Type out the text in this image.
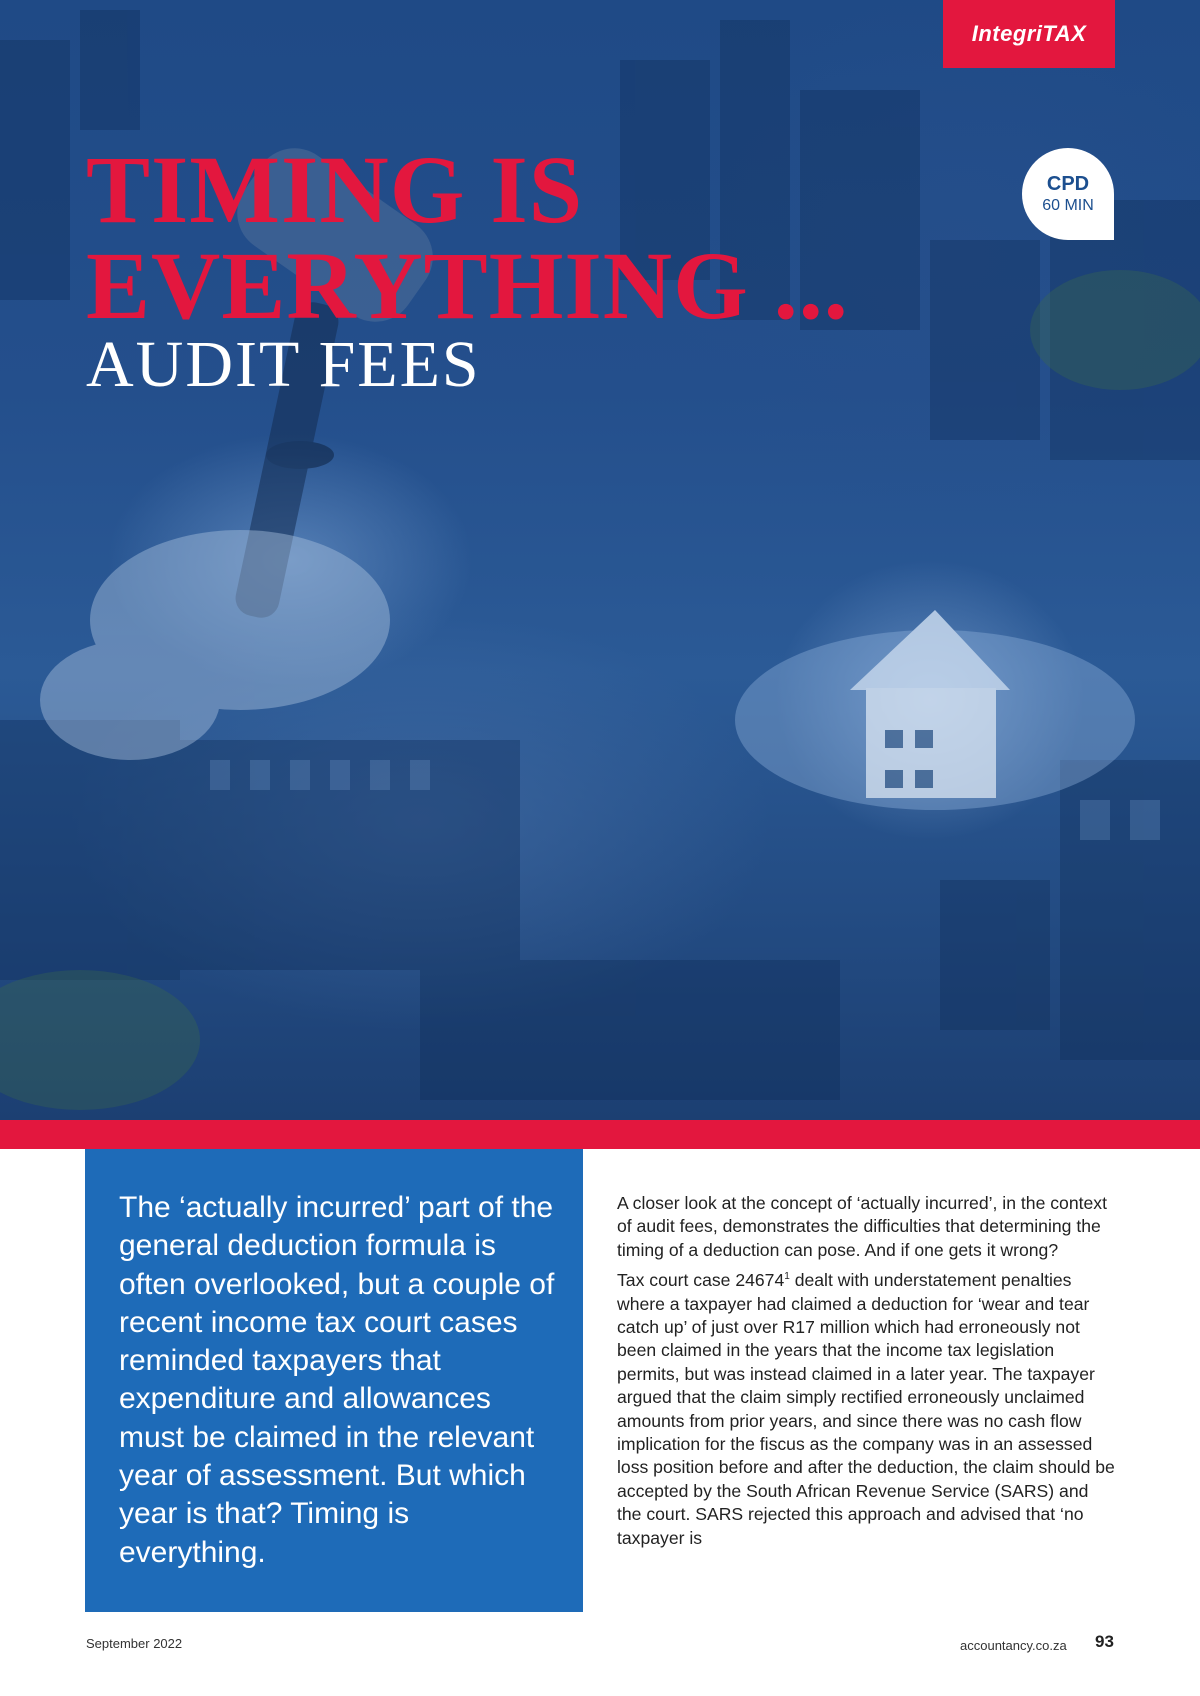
IntegriTAX
TIMING IS EVERYTHING ...
AUDIT FEES
CPD
60 MIN

The ‘actually incurred’ part of the general deduction formula is often overlooked, but a couple of recent income tax court cases reminded taxpayers that expenditure and allowances must be claimed in the relevant year of assessment. But which year is that? Timing is everything.

A closer look at the concept of ‘actually incurred’, in the context of audit fees, demonstrates the difficulties that determining the timing of a deduction can pose. And if one gets it wrong?

Tax court case 24674$^1$ dealt with understatement penalties where a taxpayer had claimed a deduction for ‘wear and tear catch up’ of just over R17 million which had erroneously not been claimed in the years that the income tax legislation permits, but was instead claimed in a later year. The taxpayer argued that the claim simply rectified erroneously unclaimed amounts from prior years, and since there was no cash flow implication for the fiscus as the company was in an assessed loss position before and after the deduction, the claim should be accepted by the South African Revenue Service (SARS) and the court. SARS rejected this approach and advised that ‘no taxpayer is

September 2022	accountancy.co.za 93
